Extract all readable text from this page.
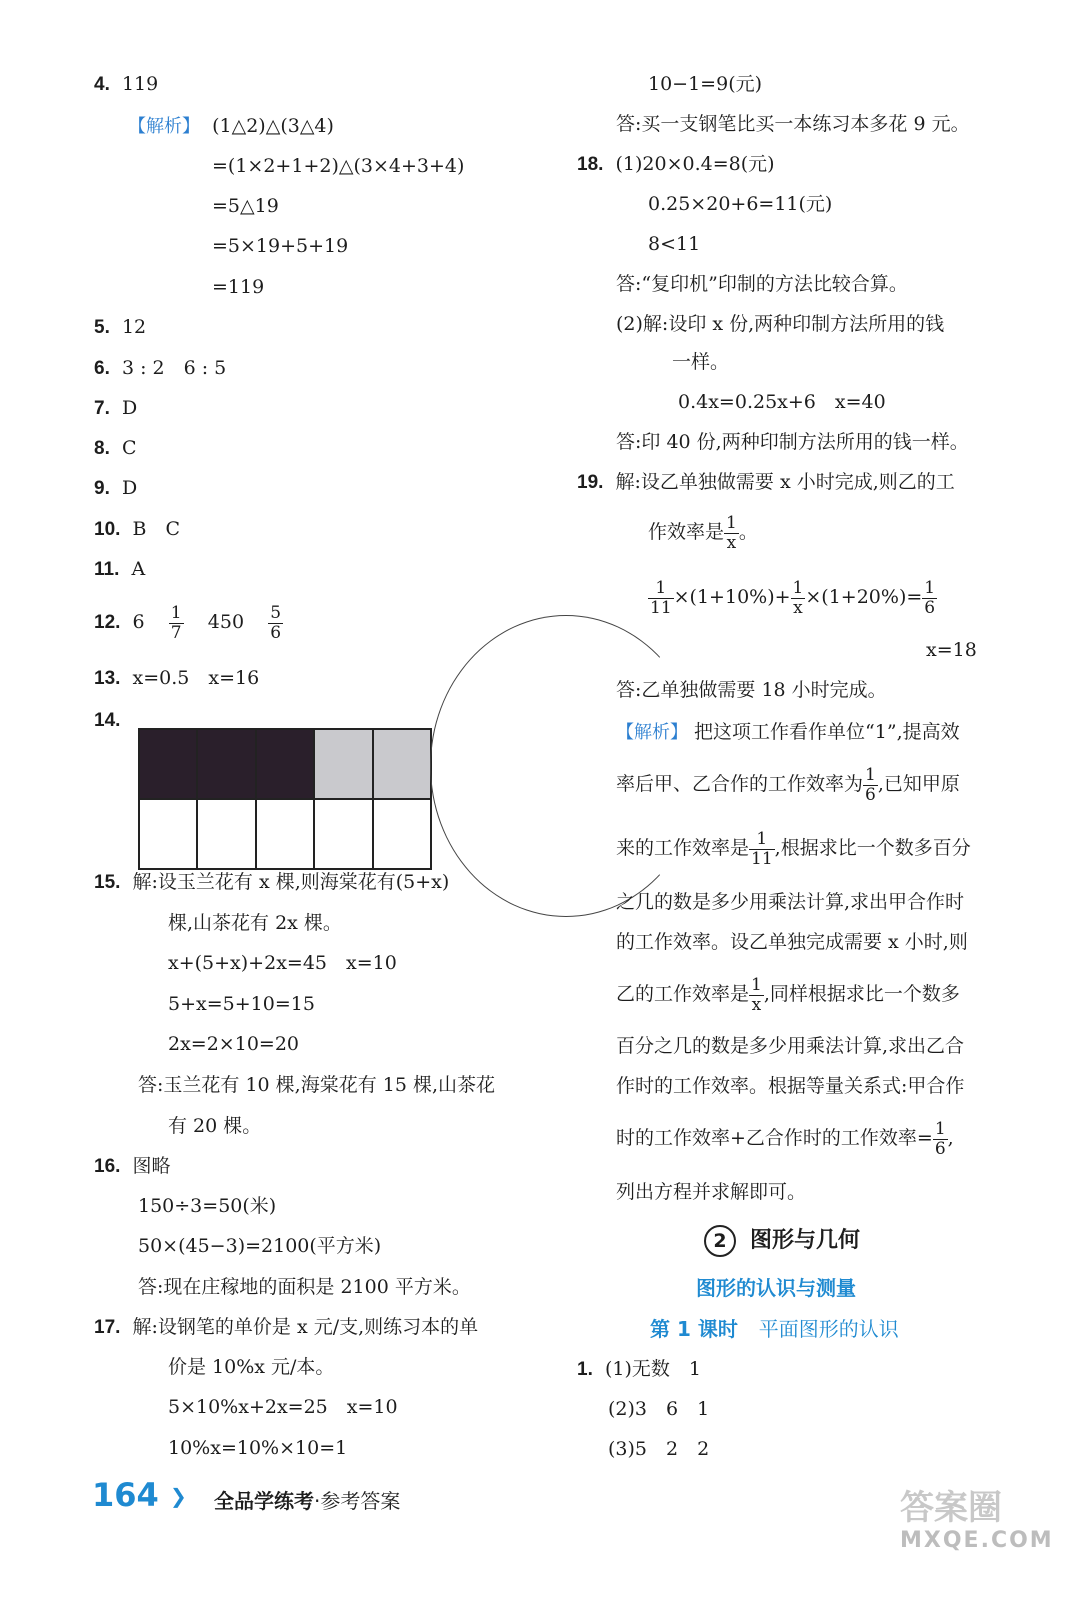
4. 119
【解析】 (1△2)△(3△4)
=(1×2+1+2)△(3×4+3+4)
=5△19
=5×19+5+19
=119
5. 12
6. 3 : 2　6 : 5
7. D
8. C
9. D
10. B　C
11. A
12. $6 \frac{1}{7} 450 \frac{5}{6}$
13. x=0.5　x=16
14.
15. 解:设玉兰花有 x 棵,则海棠花有(5+x)
棵,山茶花有 2x 棵。
x+(5+x)+2x=45　x=10
5+x=5+10=15
2x=2×10=20
答:玉兰花有 10 棵,海棠花有 15 棵,山茶花
有 20 棵。
16. 图略
150÷3=50(米)
50×(45−3)=2100(平方米)
答:现在庄稼地的面积是 2100 平方米。
17. 解:设钢笔的单价是 x 元/支,则练习本的单
价是 10%x 元/本。
5×10%x+2x=25　x=10
10%x=10%×10=1
10−1=9(元)
答:买一支钢笔比买一本练习本多花 9 元。
18. (1)20×0.4=8(元)
0.25×20+6=11(元)
8<11
答:“复印机”印制的方法比较合算。
(2)解:设印 x 份,两种印制方法所用的钱
一样。
0.4x=0.25x+6　x=40
答:印 40 份,两种印制方法所用的钱一样。
19. 解:设乙单独做需要 x 小时完成,则乙的工
作效率是 $\frac{1}{x}$ 。
$\frac{1}{11} \times(1+10\%)+ \frac{1}{x} \times(1+20\%)= \frac{1}{6}$
x=18
答:乙单独做需要 18 小时完成。
【解析】 把这项工作看作单位“1”,提高效
率后甲、乙合作的工作效率为 $\frac{1}{6}$ ,已知甲原
来的工作效率是 $\frac{1}{11}$ ,根据求比一个数多百分
之几的数是多少用乘法计算,求出甲合作时
的工作效率。设乙单独完成需要 x 小时,则
乙的工作效率是 $\frac{1}{x}$ ,同样根据求比一个数多
百分之几的数是多少用乘法计算,求出乙合
作时的工作效率。根据等量关系式:甲合作
时的工作效率+乙合作时的工作效率= $\frac{1}{6}$ ,
列出方程并求解即可。
2 图形与几何
图形的认识与测量
第 1 课时 平面图形的认识
1. (1)无数　1
(2)3　6　1
(3)5　2　2
164 ❯ 全品学练考·参考答案	答案圈
MXQE.COM
